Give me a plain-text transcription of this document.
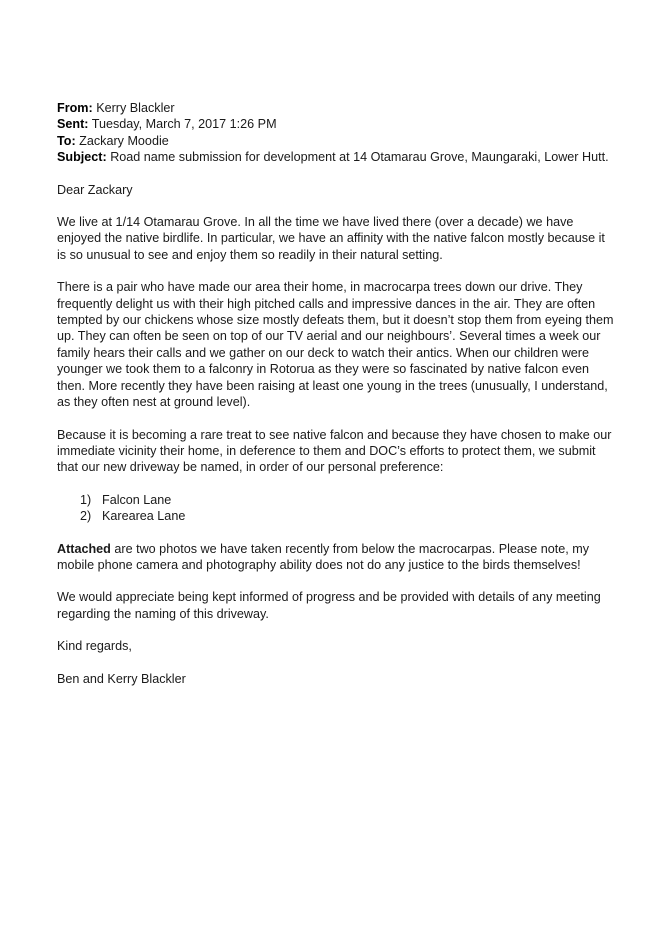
From: Kerry Blackler
Sent: Tuesday, March 7, 2017 1:26 PM
To: Zackary Moodie
Subject: Road name submission for development at 14 Otamarau Grove, Maungaraki, Lower Hutt.

Dear Zackary

We live at 1/14 Otamarau Grove. In all the time we have lived there (over a decade) we have enjoyed the native birdlife. In particular, we have an affinity with the native falcon mostly because it is so unusual to see and enjoy them so readily in their natural setting.

There is a pair who have made our area their home, in macrocarpa trees down our drive. They frequently delight us with their high pitched calls and impressive dances in the air. They are often tempted by our chickens whose size mostly defeats them, but it doesn’t stop them from eyeing them up. They can often be seen on top of our TV aerial and our neighbours’. Several times a week our family hears their calls and we gather on our deck to watch their antics. When our children were younger we took them to a falconry in Rotorua as they were so fascinated by native falcon even then. More recently they have been raising at least one young in the trees (unusually, I understand, as they often nest at ground level).

Because it is becoming a rare treat to see native falcon and because they have chosen to make our immediate vicinity their home, in deference to them and DOC’s efforts to protect them, we submit that our new driveway be named, in order of our personal preference:

1) Falcon Lane
2) Karearea Lane

Attached are two photos we have taken recently from below the macrocarpas. Please note, my mobile phone camera and photography ability does not do any justice to the birds themselves!

We would appreciate being kept informed of progress and be provided with details of any meeting regarding the naming of this driveway.

Kind regards,

Ben and Kerry Blackler
